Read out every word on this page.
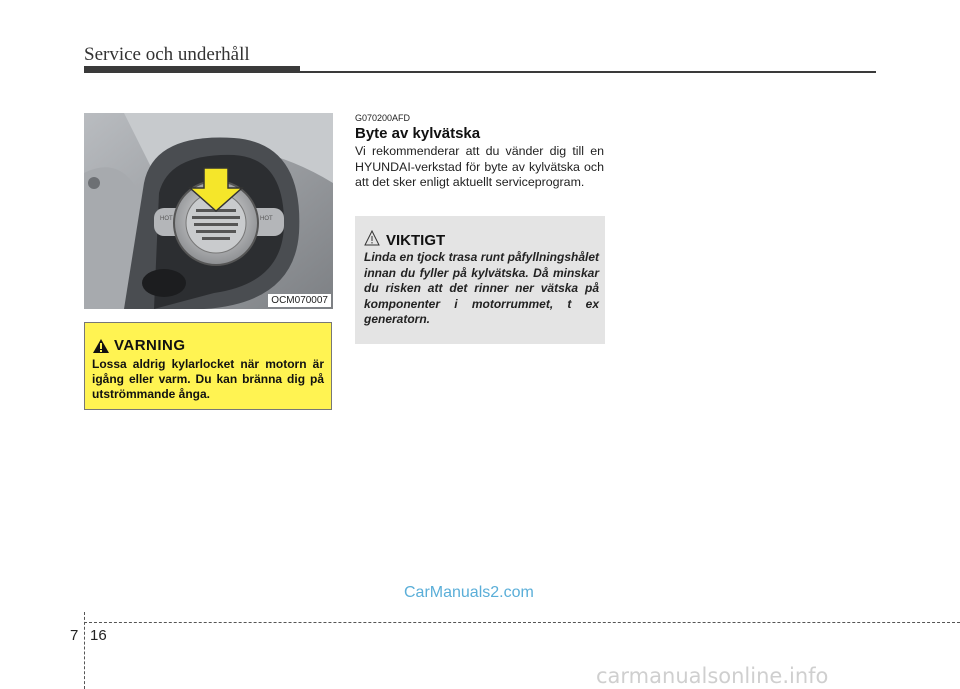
Service och underhåll
HOT	HOT
OCM070007
VARNING
Lossa aldrig kylarlocket när motorn är igång eller varm. Du kan bränna dig på utströmmande ånga.
G070200AFD
Byte av kylvätska
Vi rekommenderar att du vänder dig till en HYUNDAI-verkstad för byte av kylvätska och att det sker enligt aktuellt serviceprogram.
VIKTIGT
Linda en tjock trasa runt påfyllningshålet innan du fyller på kylvätska. Då minskar du risken att det rinner ner vätska på komponenter i motorrummet, t ex generatorn.
CarManuals2.com
carmanualsonline.info
7 16
